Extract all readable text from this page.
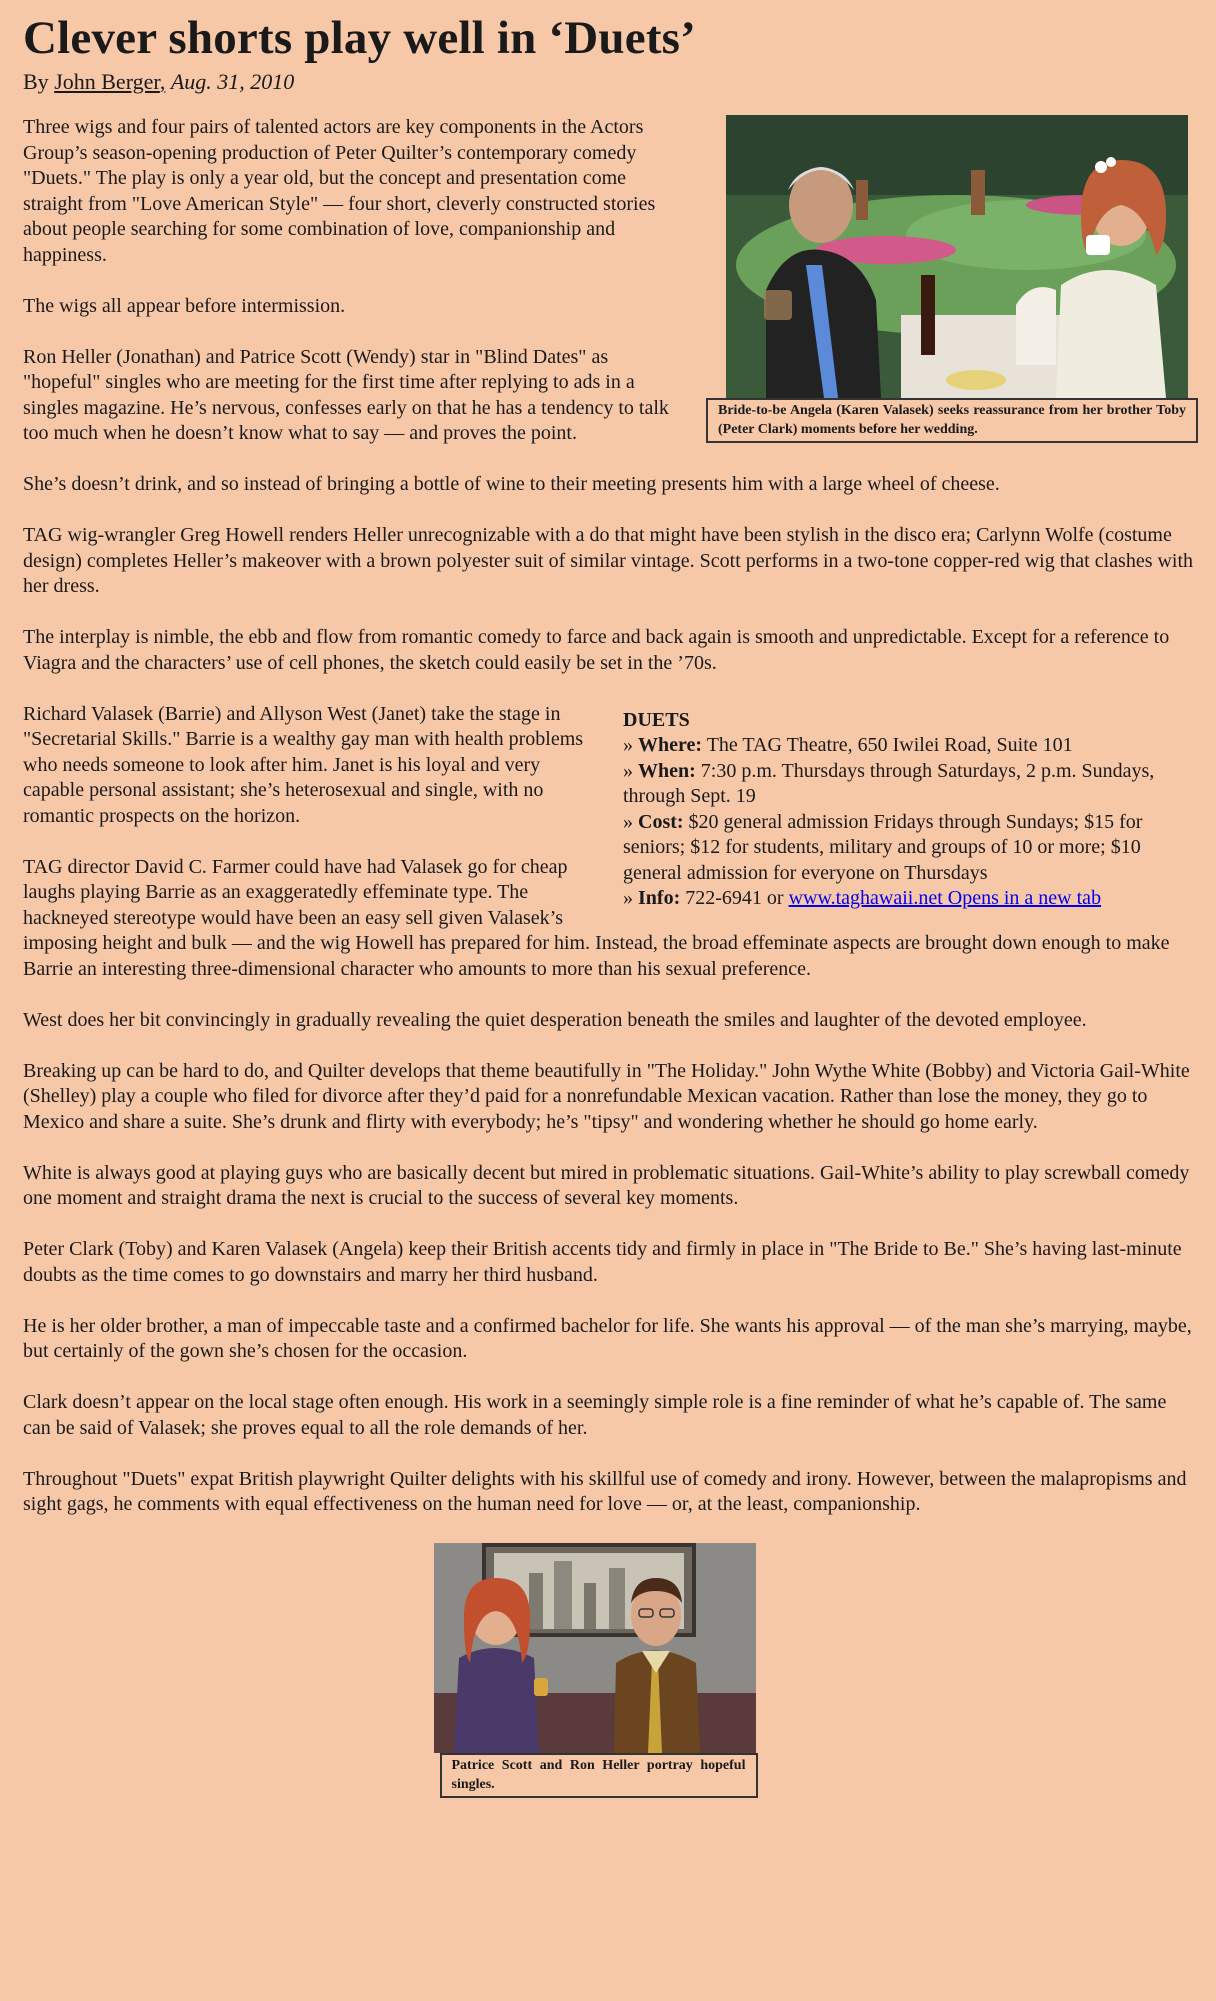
Clever shorts play well in ‘Duets’
By John Berger, Aug. 31, 2010
Bride-to-be Angela (Karen Valasek) seeks reassurance from her brother Toby (Peter Clark) moments before her wedding.

Three wigs and four pairs of talented actors are key components in the Actors Group’s season-opening production of Peter Quilter’s contemporary comedy "Duets." The play is only a year old, but the concept and presentation come straight from "Love American Style" — four short, cleverly constructed stories about people searching for some combination of love, companionship and happiness.

The wigs all appear before intermission.

Ron Heller (Jonathan) and Patrice Scott (Wendy) star in "Blind Dates" as "hopeful" singles who are meeting for the first time after replying to ads in a singles magazine. He’s nervous, confesses early on that he has a tendency to talk too much when he doesn’t know what to say — and proves the point.

She’s doesn’t drink, and so instead of bringing a bottle of wine to their meeting presents him with a large wheel of cheese.

TAG wig-wrangler Greg Howell renders Heller unrecognizable with a do that might have been stylish in the disco era; Carlynn Wolfe (costume design) completes Heller’s makeover with a brown polyester suit of similar vintage. Scott performs in a two-tone copper-red wig that clashes with her dress.

The interplay is nimble, the ebb and flow from romantic comedy to farce and back again is smooth and unpredictable. Except for a reference to Viagra and the characters’ use of cell phones, the sketch could easily be set in the ’70s.

DUETS
» Where: The TAG Theatre, 650 Iwilei Road, Suite 101
» When: 7:30 p.m. Thursdays through Saturdays, 2 p.m. Sundays, through Sept. 19
» Cost: $20 general admission Fridays through Sundays; $15 for seniors; $12 for students, military and groups of 10 or more; $10 general admission for everyone on Thursdays
» Info: 722-6941 or www.taghawaii.net Opens in a new tab

Richard Valasek (Barrie) and Allyson West (Janet) take the stage in "Secretarial Skills." Barrie is a wealthy gay man with health problems who needs someone to look after him. Janet is his loyal and very capable personal assistant; she’s heterosexual and single, with no romantic prospects on the horizon.

TAG director David C. Farmer could have had Valasek go for cheap laughs playing Barrie as an exaggeratedly effeminate type. The hackneyed stereotype would have been an easy sell given Valasek’s imposing height and bulk — and the wig Howell has prepared for him. Instead, the broad effeminate aspects are brought down enough to make Barrie an interesting three-dimensional character who amounts to more than his sexual preference.

West does her bit convincingly in gradually revealing the quiet desperation beneath the smiles and laughter of the devoted employee.

Breaking up can be hard to do, and Quilter develops that theme beautifully in "The Holiday." John Wythe White (Bobby) and Victoria Gail-White (Shelley) play a couple who filed for divorce after they’d paid for a nonrefundable Mexican vacation. Rather than lose the money, they go to Mexico and share a suite. She’s drunk and flirty with everybody; he’s "tipsy" and wondering whether he should go home early.

White is always good at playing guys who are basically decent but mired in problematic situations. Gail-White’s ability to play screwball comedy one moment and straight drama the next is crucial to the success of several key moments.

Peter Clark (Toby) and Karen Valasek (Angela) keep their British accents tidy and firmly in place in "The Bride to Be." She’s having last-minute doubts as the time comes to go downstairs and marry her third husband.

He is her older brother, a man of impeccable taste and a confirmed bachelor for life. She wants his approval — of the man she’s marrying, maybe, but certainly of the gown she’s chosen for the occasion.

Clark doesn’t appear on the local stage often enough. His work in a seemingly simple role is a fine reminder of what he’s capable of. The same can be said of Valasek; she proves equal to all the role demands of her.

Throughout "Duets" expat British playwright Quilter delights with his skillful use of comedy and irony. However, between the malapropisms and sight gags, he comments with equal effectiveness on the human need for love — or, at the least, companionship.

Patrice Scott and Ron Heller portray hopeful singles.
